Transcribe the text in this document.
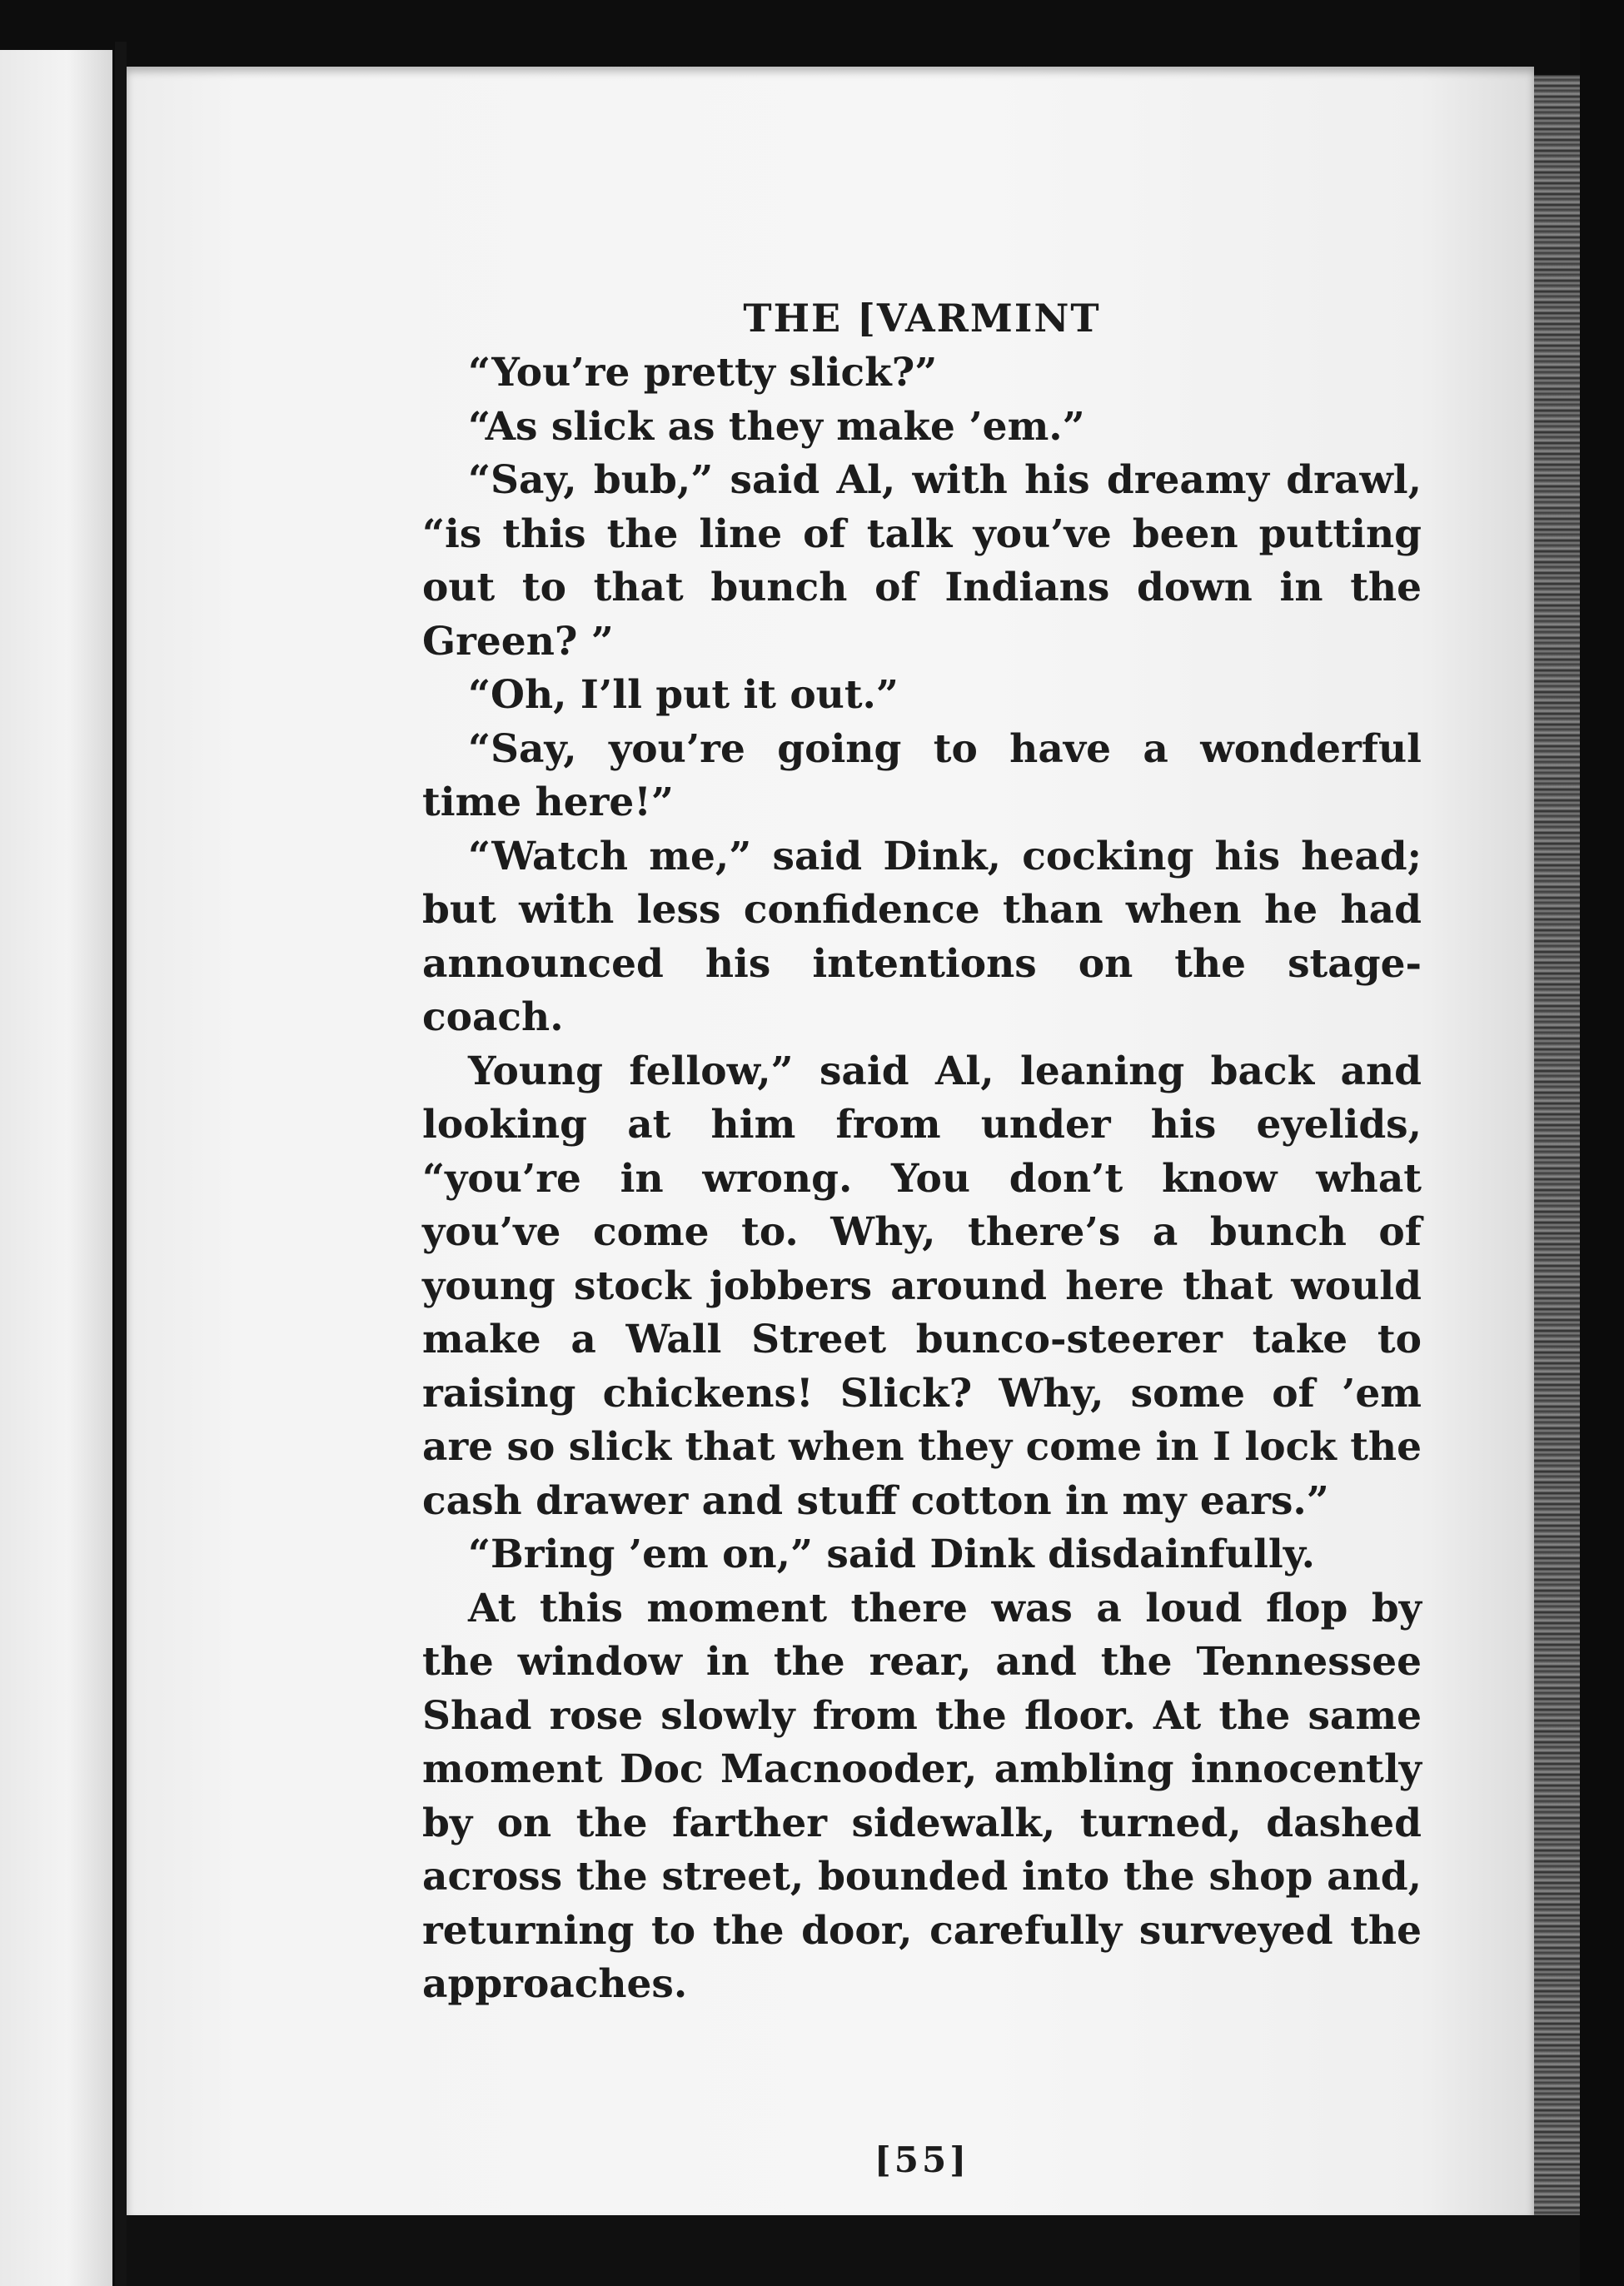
THE [VARMINT

“You’re pretty slick?”

“As slick as they make ’em.”

“Say, bub,” said Al, with his dreamy drawl, “is this the line of talk you’ve been putting out to that bunch of Indians down in the Green? ”

“Oh, I’ll put it out.”

“Say, you’re going to have a wonderful time here!”

“Watch me,” said Dink, cocking his head; but with less confidence than when he had announced his intentions on the stage-coach.

Young fellow,” said Al, leaning back and looking at him from under his eyelids, “you’re in wrong. You don’t know what you’ve come to. Why, there’s a bunch of young stock jobbers around here that would make a Wall Street bunco-steerer take to raising chickens! Slick? Why, some of ’em are so slick that when they come in I lock the cash drawer and stuff cotton in my ears.”

“Bring ’em on,” said Dink disdainfully.

At this moment there was a loud flop by the window in the rear, and the Tennessee Shad rose slowly from the floor. At the same moment Doc Macnooder, ambling innocently by on the farther sidewalk, turned, dashed across the street, bounded into the shop and, returning to the door, carefully surveyed the approaches.

[55]
